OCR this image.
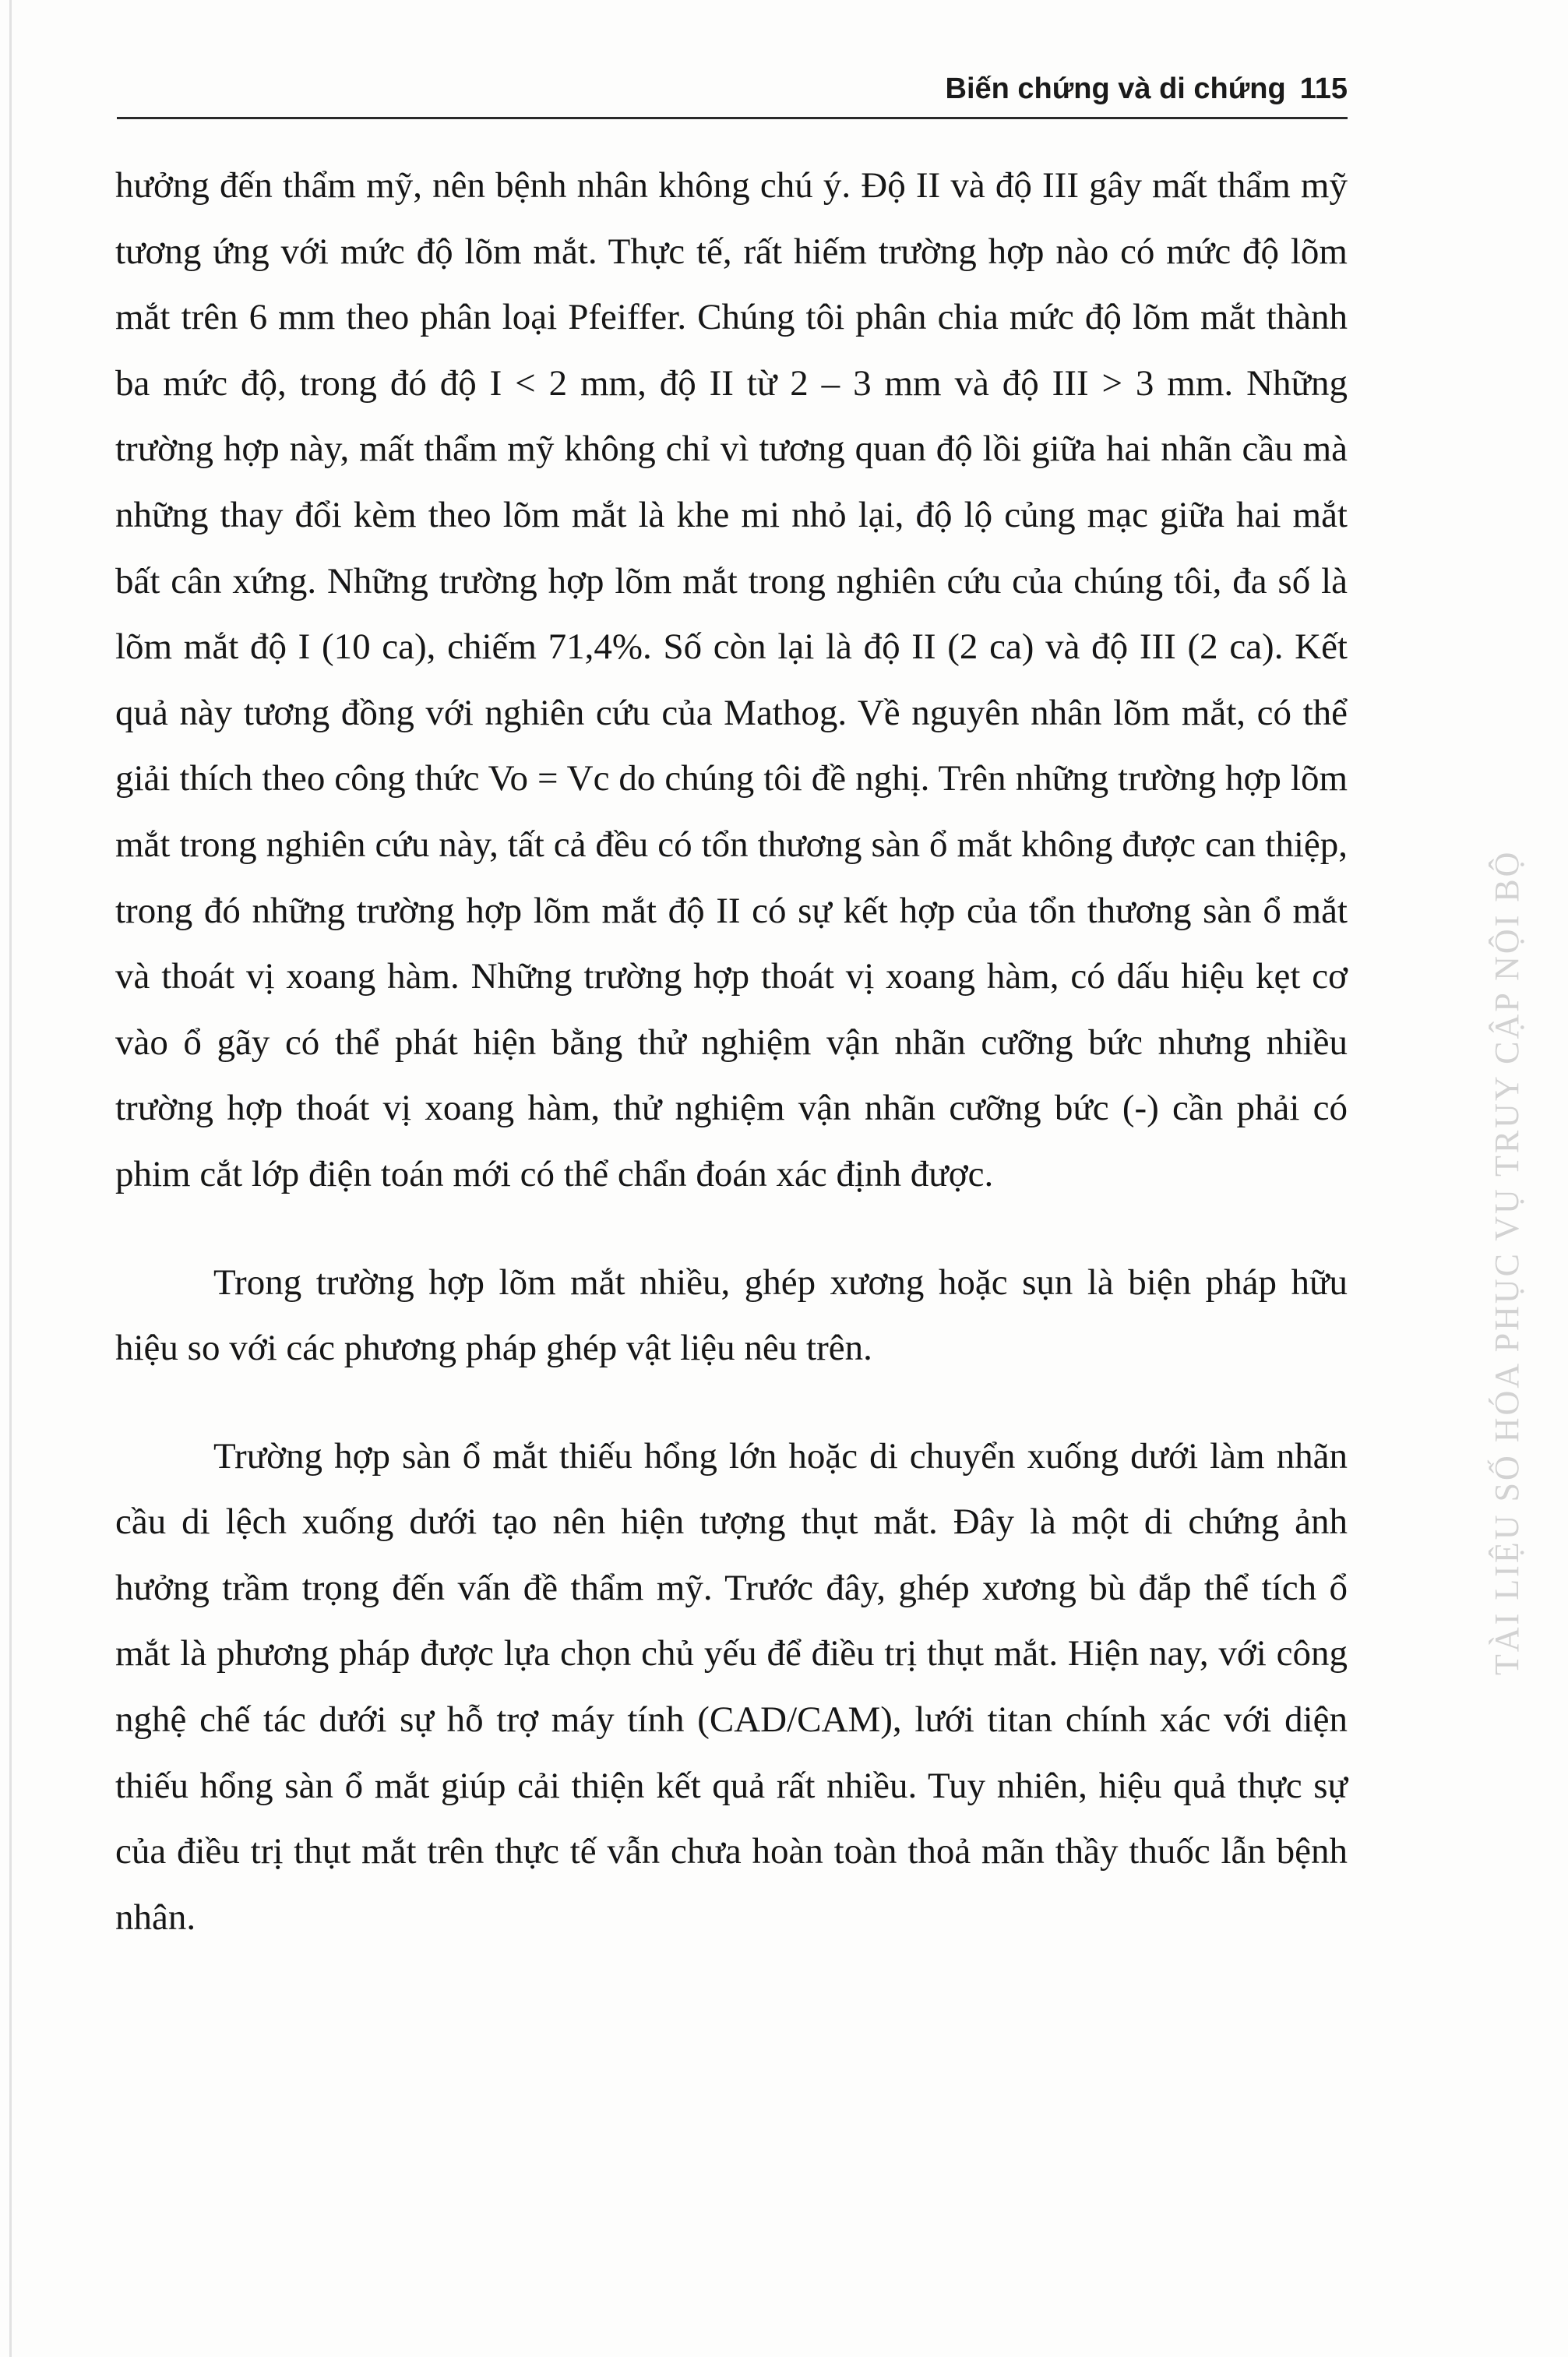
Biến chứng và di chứng 115

hưởng đến thẩm mỹ, nên bệnh nhân không chú ý. Độ II và độ III gây mất thẩm mỹ tương ứng với mức độ lõm mắt. Thực tế, rất hiếm trường hợp nào có mức độ lõm mắt trên 6 mm theo phân loại Pfeiffer. Chúng tôi phân chia mức độ lõm mắt thành ba mức độ, trong đó độ I < 2 mm, độ II từ 2 – 3 mm và độ III > 3 mm. Những trường hợp này, mất thẩm mỹ không chỉ vì tương quan độ lồi giữa hai nhãn cầu mà những thay đổi kèm theo lõm mắt là khe mi nhỏ lại, độ lộ củng mạc giữa hai mắt bất cân xứng. Những trường hợp lõm mắt trong nghiên cứu của chúng tôi, đa số là lõm mắt độ I (10 ca), chiếm 71,4%. Số còn lại là độ II (2 ca) và độ III (2 ca). Kết quả này tương đồng với nghiên cứu của Mathog. Về nguyên nhân lõm mắt, có thể giải thích theo công thức Vo = Vc do chúng tôi đề nghị. Trên những trường hợp lõm mắt trong nghiên cứu này, tất cả đều có tổn thương sàn ổ mắt không được can thiệp, trong đó những trường hợp lõm mắt độ II có sự kết hợp của tổn thương sàn ổ mắt và thoát vị xoang hàm. Những trường hợp thoát vị xoang hàm, có dấu hiệu kẹt cơ vào ổ gãy có thể phát hiện bằng thử nghiệm vận nhãn cưỡng bức nhưng nhiều trường hợp thoát vị xoang hàm, thử nghiệm vận nhãn cưỡng bức (-) cần phải có phim cắt lớp điện toán mới có thể chẩn đoán xác định được.

Trong trường hợp lõm mắt nhiều, ghép xương hoặc sụn là biện pháp hữu hiệu so với các phương pháp ghép vật liệu nêu trên.

Trường hợp sàn ổ mắt thiếu hổng lớn hoặc di chuyển xuống dưới làm nhãn cầu di lệch xuống dưới tạo nên hiện tượng thụt mắt. Đây là một di chứng ảnh hưởng trầm trọng đến vấn đề thẩm mỹ. Trước đây, ghép xương bù đắp thể tích ổ mắt là phương pháp được lựa chọn chủ yếu để điều trị thụt mắt. Hiện nay, với công nghệ chế tác dưới sự hỗ trợ máy tính (CAD/CAM), lưới titan chính xác với diện thiếu hổng sàn ổ mắt giúp cải thiện kết quả rất nhiều. Tuy nhiên, hiệu quả thực sự của điều trị thụt mắt trên thực tế vẫn chưa hoàn toàn thoả mãn thầy thuốc lẫn bệnh nhân.

TÀI LIỆU SỐ HÓA PHỤC VỤ TRUY CẬP NỘI BỘ
